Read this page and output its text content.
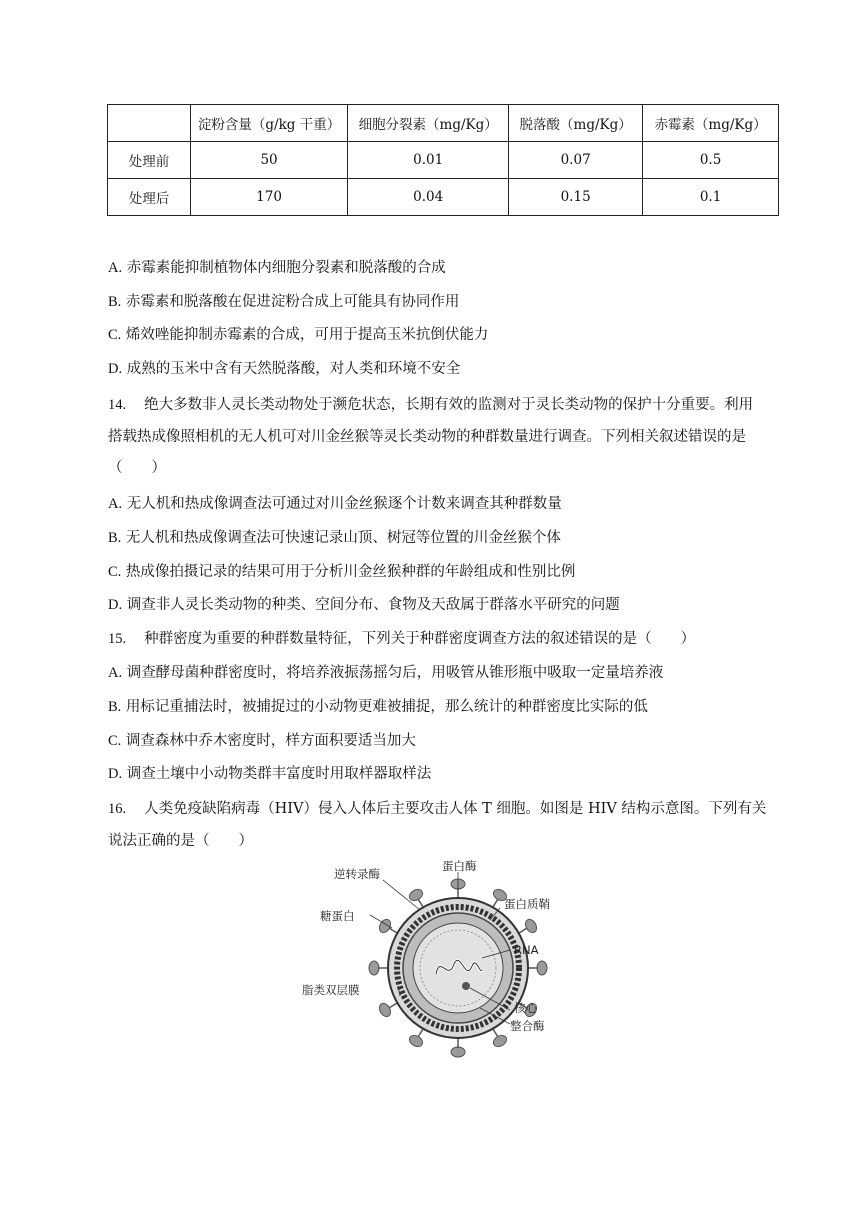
	淀粉含量（g/kg 干重）	细胞分裂素（mg/Kg）	脱落酸（mg/Kg）	赤霉素（mg/Kg）
处理前	50	0.01	0.07	0.5
处理后	170	0.04	0.15	0.1
A. 赤霉素能抑制植物体内细胞分裂素和脱落酸的合成
B. 赤霉素和脱落酸在促进淀粉合成上可能具有协同作用
C. 烯效唑能抑制赤霉素的合成，可用于提高玉米抗倒伏能力
D. 成熟的玉米中含有天然脱落酸，对人类和环境不安全
14. 绝大多数非人灵长类动物处于濒危状态，长期有效的监测对于灵长类动物的保护十分重要。利用
搭载热成像照相机的无人机可对川金丝猴等灵长类动物的种群数量进行调查。下列相关叙述错误的是
（　　）
A. 无人机和热成像调查法可通过对川金丝猴逐个计数来调查其种群数量
B. 无人机和热成像调查法可快速记录山顶、树冠等位置的川金丝猴个体
C. 热成像拍摄记录的结果可用于分析川金丝猴种群的年龄组成和性别比例
D. 调查非人灵长类动物的种类、空间分布、食物及天敌属于群落水平研究的问题
15. 种群密度为重要的种群数量特征，下列关于种群密度调查方法的叙述错误的是（　　）
A. 调查酵母菌种群密度时，将培养液振荡摇匀后，用吸管从锥形瓶中吸取一定量培养液
B. 用标记重捕法时，被捕捉过的小动物更难被捕捉，那么统计的种群密度比实际的低
C. 调查森林中乔木密度时，样方面积要适当加大
D. 调查土壤中小动物类群丰富度时用取样器取样法
16. 人类免疫缺陷病毒（HIV）侵入人体后主要攻击人体 T 细胞。如图是 HIV 结构示意图。下列有关
说法正确的是（　　）
逆转录酶
蛋白酶
糖蛋白
蛋白质鞘
RNA
脂类双层膜
核心
整合酶
